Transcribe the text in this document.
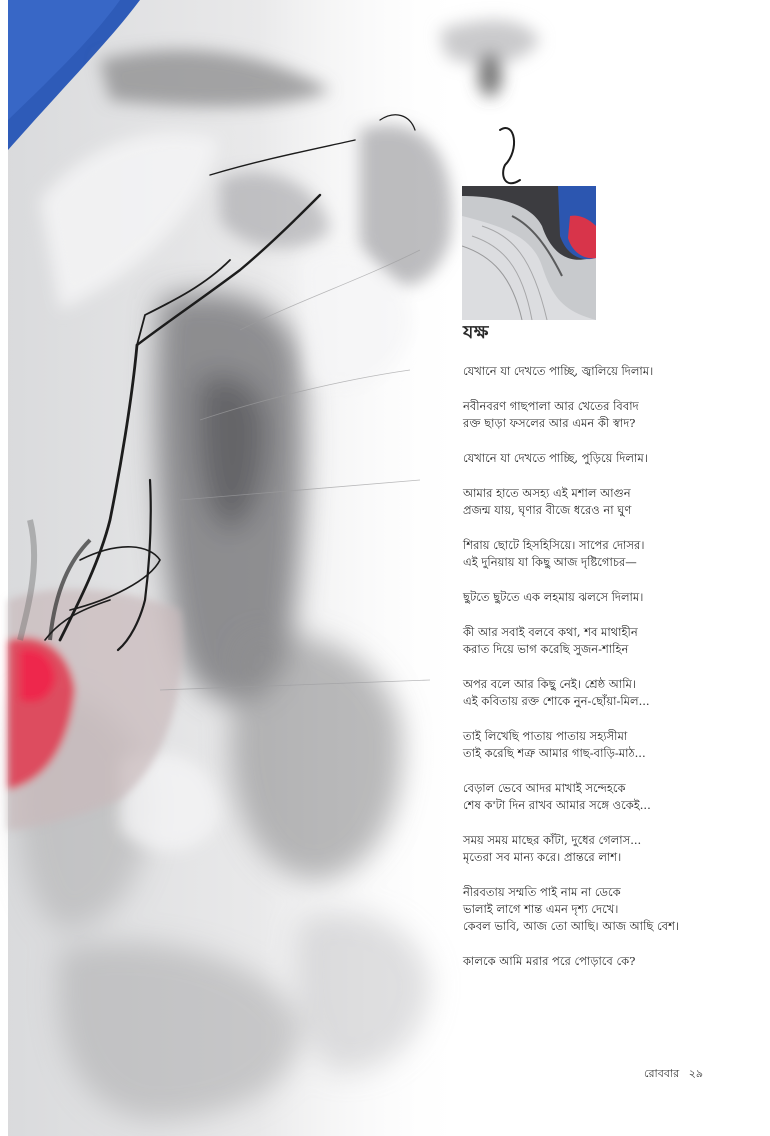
যক্ষ
যেখানে যা দেখতে পাচ্ছি, জ্বালিয়ে দিলাম।
নবীনবরণ গাছপালা আর খেতের বিবাদ
রক্ত ছাড়া ফসলের আর এমন কী স্বাদ?
যেখানে যা দেখতে পাচ্ছি, পুড়িয়ে দিলাম।
আমার হাতে অসহ্য এই মশাল আগুন
প্রজন্ম যায়, ঘৃণার বীজে ধরেও না ঘুণ
শিরায় ছোটে হিসহিসিয়ে। সাপের দোসর।
এই দুনিয়ায় যা কিছু আজ দৃষ্টিগোচর—
ছুটতে ছুটতে এক লহমায় ঝলসে দিলাম।
কী আর সবাই বলবে কথা, শব মাথাহীন
করাত দিয়ে ভাগ করেছি সুজন-শাহিন
অপর বলে আর কিছু নেই। শ্রেষ্ঠ আমি।
এই কবিতায় রক্ত শোকে নুন-ছোঁয়া-মিল...
তাই লিখেছি পাতায় পাতায় সহ্যসীমা
তাই করেছি শত্রু আমার গাছ-বাড়ি-মাঠ...
বেড়াল ভেবে আদর মাখাই সন্দেহকে
শেষ ক'টা দিন রাখব আমার সঙ্গে ওকেই...
সময় সময় মাছের কাঁটা, দুধের গেলাস...
মৃতেরা সব মান্য করে। প্রান্তরে লাশ।
নীরবতায় সম্মতি পাই নাম না ডেকে
ভালাই লাগে শান্ত এমন দৃশ্য দেখে।
কেবল ভাবি, আজ তো আছি। আজ আছি বেশ।
কালকে আমি মরার পরে পোড়াবে কে?
রোববার ২৯
